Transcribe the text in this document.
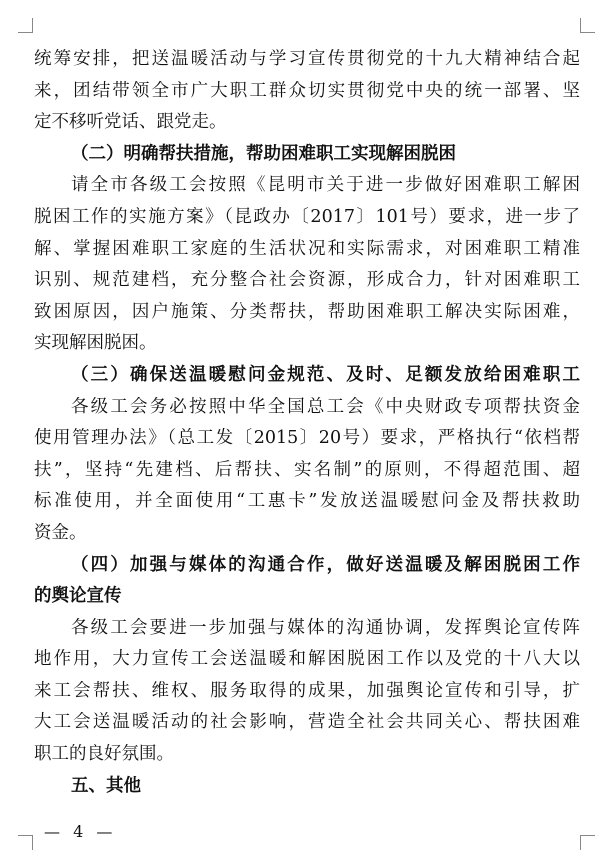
统筹安排，把送温暖活动与学习宣传贯彻党的十九大精神结合起
来，团结带领全市广大职工群众切实贯彻党中央的统一部署、坚
定不移听党话、跟党走。
（二）明确帮扶措施，帮助困难职工实现解困脱困
请全市各级工会按照《昆明市关于进一步做好困难职工解困
脱困工作的实施方案》（昆政办〔2017〕101号）要求，进一步了
解、掌握困难职工家庭的生活状况和实际需求，对困难职工精准
识别、规范建档，充分整合社会资源，形成合力，针对困难职工
致困原因，因户施策、分类帮扶，帮助困难职工解决实际困难，
实现解困脱困。
（三）确保送温暖慰问金规范、及时、足额发放给困难职工
各级工会务必按照中华全国总工会《中央财政专项帮扶资金
使用管理办法》（总工发〔2015〕20号）要求，严格执行“依档帮
扶”，坚持“先建档、后帮扶、实名制”的原则，不得超范围、超
标准使用，并全面使用“工惠卡”发放送温暖慰问金及帮扶救助
资金。
（四）加强与媒体的沟通合作，做好送温暖及解困脱困工作
的舆论宣传
各级工会要进一步加强与媒体的沟通协调，发挥舆论宣传阵
地作用，大力宣传工会送温暖和解困脱困工作以及党的十八大以
来工会帮扶、维权、服务取得的成果，加强舆论宣传和引导，扩
大工会送温暖活动的社会影响，营造全社会共同关心、帮扶困难
职工的良好氛围。
五、其他
— 4 —
